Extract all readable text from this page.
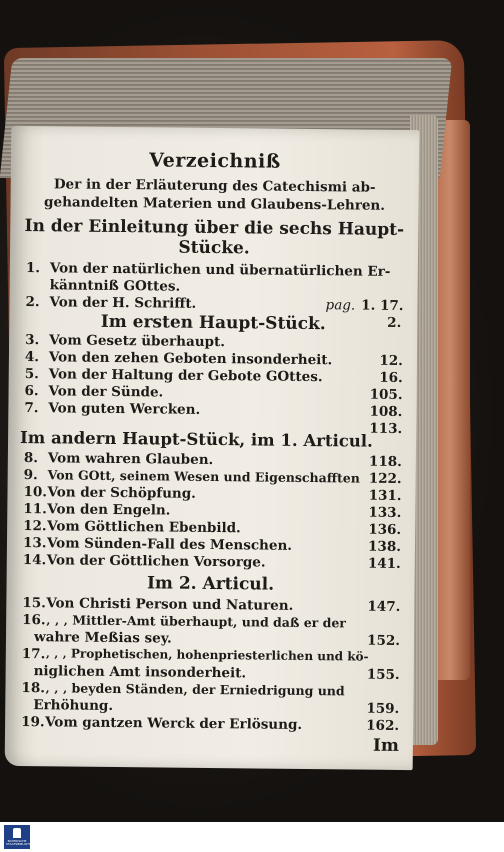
Verzeichniß
Der in der Erläuterung des Catechismi ab-
gehandelten Materien und Glaubens-Lehren.
In der Einleitung über die sechs Haupt-
Stücke.
1. Von der natürlichen und übernatürlichen Er-
känntniß GOttes.
2. Von der H. Schrifft.	pag. 1. 17.
Im ersten Haupt-Stück.	2.
3. Vom Gesetz überhaupt.
4. Von den zehen Geboten insonderheit.	12.
5. Von der Haltung der Gebote GOttes.	16.
6. Von der Sünde.	105.
7. Von guten Wercken.	108.
113.
Im andern Haupt-Stück, im 1. Articul.
8. Vom wahren Glauben.	118.
9. Von GOtt, seinem Wesen und Eigenschafften 122.
10. Von der Schöpfung.	131.
11. Von den Engeln.	133.
12. Vom Göttlichen Ebenbild.	136.
13. Vom Sünden-Fall des Menschen.	138.
14. Von der Göttlichen Vorsorge.	141.
Im 2. Articul.
15. Von Christi Person und Naturen.	147.
16. ‚ ‚ ‚ Mittler-Amt überhaupt, und daß er der
wahre Meßias sey.	152.
17. ‚ ‚ ‚ Prophetischen, hohenpriesterlichen und kö-
niglichen Amt insonderheit.	155.
18. ‚ ‚ ‚ beyden Ständen, der Erniedrigung und
Erhöhung.	159.
19. Vom gantzen Werck der Erlösung.	162.
Im
BAYERISCHE STAATSBIBLIOTHEK
